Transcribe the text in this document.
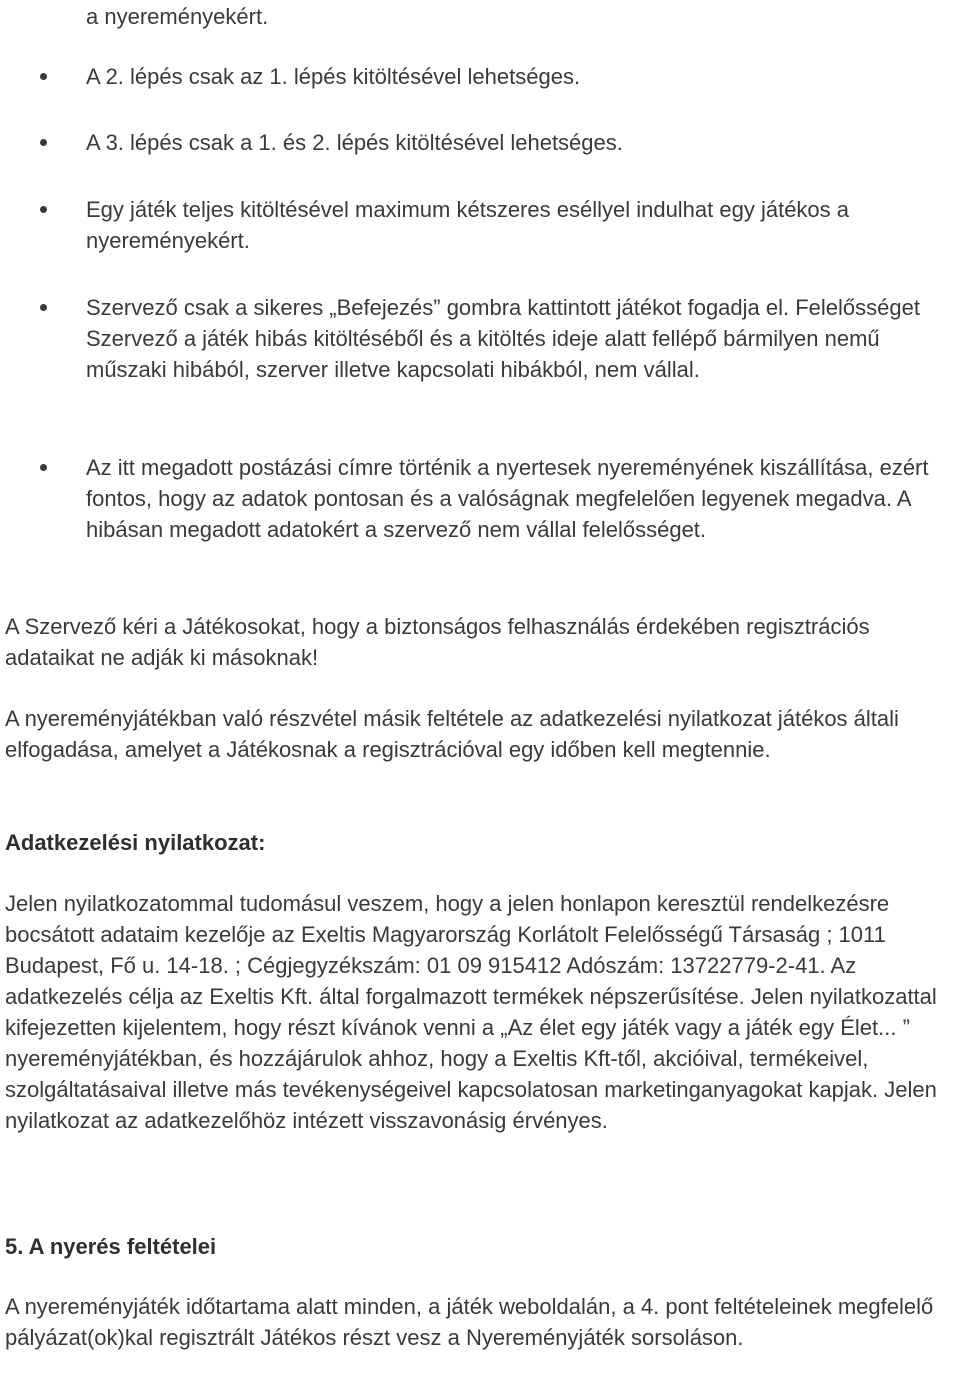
a nyereményekért.

A 2. lépés csak az 1. lépés kitöltésével lehetséges.
A 3. lépés csak a 1. és 2. lépés kitöltésével lehetséges.
Egy játék teljes kitöltésével maximum kétszeres eséllyel indulhat egy játékos a nyereményekért.
Szervező csak a sikeres „Befejezés” gombra kattintott játékot fogadja el. Felelősséget Szervező a játék hibás kitöltéséből és a kitöltés ideje alatt fellépő bármilyen nemű műszaki hibából, szerver illetve kapcsolati hibákból, nem vállal.
Az itt megadott postázási címre történik a nyertesek nyereményének kiszállítása, ezért fontos, hogy az adatok pontosan és a valóságnak megfelelően legyenek megadva. A hibásan megadott adatokért a szervező nem vállal felelősséget.

A Szervező kéri a Játékosokat, hogy a biztonságos felhasználás érdekében regisztrációs adataikat ne adják ki másoknak!

A nyereményjátékban való részvétel másik feltétele az adatkezelési nyilatkozat játékos általi elfogadása, amelyet a Játékosnak a regisztrációval egy időben kell megtennie.

Adatkezelési nyilatkozat:

Jelen nyilatkozatommal tudomásul veszem, hogy a jelen honlapon keresztül rendelkezésre bocsátott adataim kezelője az Exeltis Magyarország Korlátolt Felelősségű Társaság ; 1011 Budapest, Fő u. 14-18. ; Cégjegyzékszám: 01 09 915412 Adószám: 13722779-2-41. Az adatkezelés célja az Exeltis Kft. által forgalmazott termékek népszerűsítése. Jelen nyilatkozattal kifejezetten kijelentem, hogy részt kívánok venni a „Az élet egy játék vagy a játék egy Élet... ” nyereményjátékban, és hozzájárulok ahhoz, hogy a Exeltis Kft-től, akcióival, termékeivel, szolgáltatásaival illetve más tevékenységeivel kapcsolatosan marketinganyagokat kapjak. Jelen nyilatkozat az adatkezelőhöz intézett visszavonásig érvényes.

5. A nyerés feltételei

A nyereményjáték időtartama alatt minden, a játék weboldalán, a 4. pont feltételeinek megfelelő pályázat(ok)kal regisztrált Játékos részt vesz a Nyereményjáték sorsoláson.
